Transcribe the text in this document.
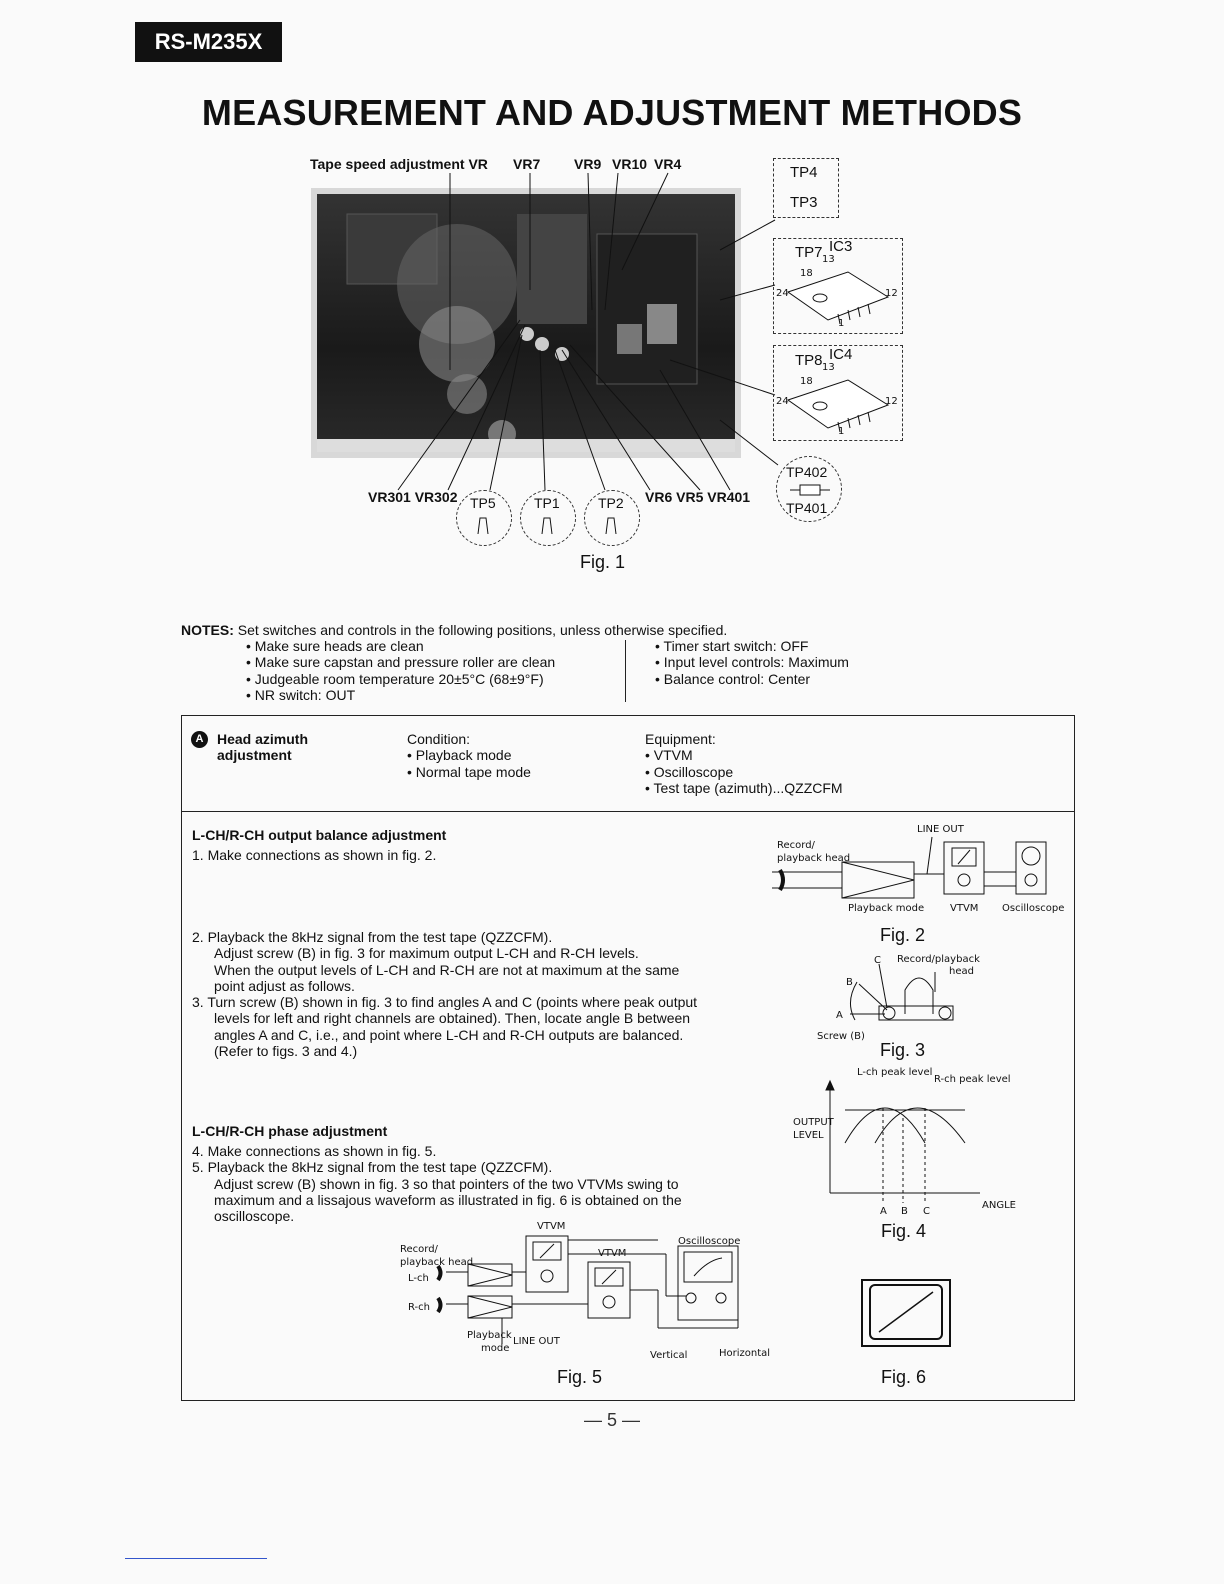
RS-M235X
MEASUREMENT AND ADJUSTMENT METHODS
Tape speed adjustment VR VR7 VR9 VR10 VR4	TP4
TP3
TP7 IC3
13
18
24	12
1
TP8 IC4
13
18
24	12
1
TP402
TP401
VR301 VR302 TP5	TP1	TP2 VR6 VR5 VR401
Fig. 1
NOTES: Set switches and controls in the following positions, unless otherwise specified.
• Make sure heads are clean
• Make sure capstan and pressure roller are clean
• Judgeable room temperature 20±5°C (68±9°F)
• NR switch: OUT
• Timer start switch: OFF
• Input level controls: Maximum
• Balance control: Center
A Head azimuth
adjustment
Condition:
• Playback mode
• Normal tape mode
Equipment:
• VTVM
• Oscilloscope
• Test tape (azimuth)...QZZCFM
L-CH/R-CH output balance adjustment
1. Make connections as shown in fig. 2.
2. Playback the 8kHz signal from the test tape (QZZCFM).
Adjust screw (B) in fig. 3 for maximum output L-CH and R-CH levels.
When the output levels of L-CH and R-CH are not at maximum at the same
point adjust as follows.
3. Turn screw (B) shown in fig. 3 to find angles A and C (points where peak output
levels for left and right channels are obtained). Then, locate angle B between
angles A and C, i.e., and point where L-CH and R-CH outputs are balanced.
(Refer to figs. 3 and 4.)
L-CH/R-CH phase adjustment
4. Make connections as shown in fig. 5.
5. Playback the 8kHz signal from the test tape (QZZCFM).
Adjust screw (B) shown in fig. 3 so that pointers of the two VTVMs swing to
maximum and a lissajous waveform as illustrated in fig. 6 is obtained on the
oscilloscope.
LINE OUT
Record/
playback head
Playback mode	VTVM Oscilloscope
Fig. 2
C Record/playback
head
B
A
Screw (B)
Fig. 3
L-ch peak level
R-ch peak level
OUTPUT
LEVEL
ANGLE
A B C
Fig. 4
VTVM
VTVM
Oscilloscope
Record/
playback head
L-ch
R-ch
Playback
mode
LINE OUT
Vertical	Horizontal
Fig. 5	Fig. 6
— 5 —
